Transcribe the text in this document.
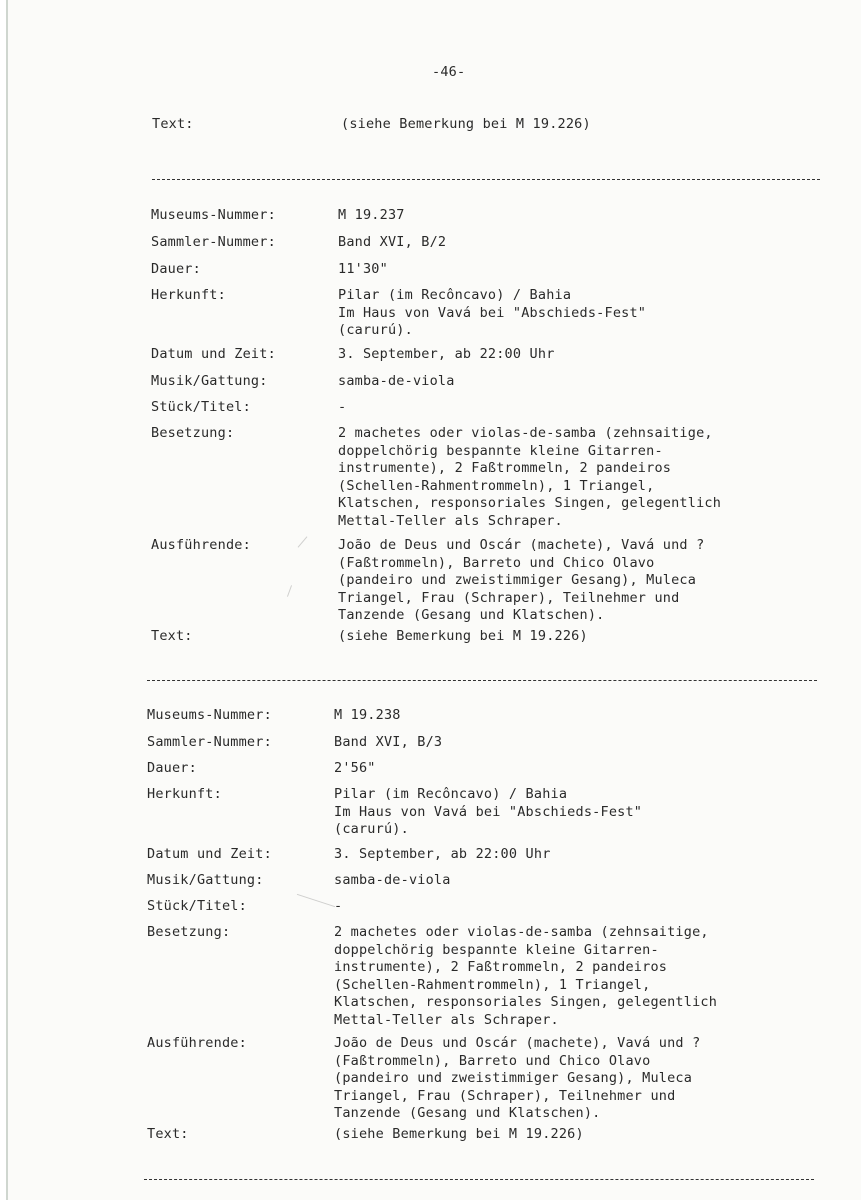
-46-
Text:	(siehe Bemerkung bei M 19.226)
Museums-Nummer:	M 19.237
Sammler-Nummer:	Band XVI, B/2
Dauer:	11'30"
Herkunft:	Pilar (im Recôncavo) / Bahia
Im Haus von Vavá bei "Abschieds-Fest"
(carurú).
Datum und Zeit:	3. September, ab 22:00 Uhr
Musik/Gattung:	samba-de-viola
Stück/Titel:	-
Besetzung:	2 machetes oder violas-de-samba (zehnsaitige,
doppelchörig bespannte kleine Gitarren-
instrumente), 2 Faßtrommeln, 2 pandeiros
(Schellen-Rahmentrommeln), 1 Triangel,
Klatschen, responsoriales Singen, gelegentlich
Mettal-Teller als Schraper.
Ausführende:	João de Deus und Oscár (machete), Vavá und ?
(Faßtrommeln), Barreto und Chico Olavo
(pandeiro und zweistimmiger Gesang), Muleca
Triangel, Frau (Schraper), Teilnehmer und
Tanzende (Gesang und Klatschen).
Text:	(siehe Bemerkung bei M 19.226)
Museums-Nummer:	M 19.238
Sammler-Nummer:	Band XVI, B/3
Dauer:	2'56"
Herkunft:	Pilar (im Recôncavo) / Bahia
Im Haus von Vavá bei "Abschieds-Fest"
(carurú).
Datum und Zeit:	3. September, ab 22:00 Uhr
Musik/Gattung:	samba-de-viola
Stück/Titel:	-
Besetzung:	2 machetes oder violas-de-samba (zehnsaitige,
doppelchörig bespannte kleine Gitarren-
instrumente), 2 Faßtrommeln, 2 pandeiros
(Schellen-Rahmentrommeln), 1 Triangel,
Klatschen, responsoriales Singen, gelegentlich
Mettal-Teller als Schraper.
Ausführende:	João de Deus und Oscár (machete), Vavá und ?
(Faßtrommeln), Barreto und Chico Olavo
(pandeiro und zweistimmiger Gesang), Muleca
Triangel, Frau (Schraper), Teilnehmer und
Tanzende (Gesang und Klatschen).
Text:	(siehe Bemerkung bei M 19.226)
